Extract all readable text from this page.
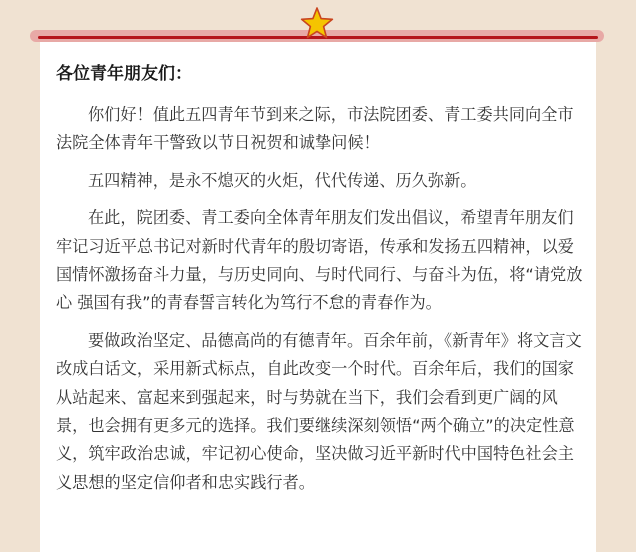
各位青年朋友们：

你们好！值此五四青年节到来之际，市法院团委、青工委共同向全市法院全体青年干警致以节日祝贺和诚挚问候！

五四精神，是永不熄灭的火炬，代代传递、历久弥新。

在此，院团委、青工委向全体青年朋友们发出倡议，希望青年朋友们牢记习近平总书记对新时代青年的殷切寄语，传承和发扬五四精神，以爱国情怀激扬奋斗力量，与历史同向、与时代同行、与奋斗为伍，将“请党放心 强国有我”的青春誓言转化为笃行不怠的青春作为。

要做政治坚定、品德高尚的有德青年。百余年前，《新青年》将文言文改成白话文，采用新式标点，自此改变一个时代。百余年后，我们的国家从站起来、富起来到强起来，时与势就在当下，我们会看到更广阔的风景，也会拥有更多元的选择。我们要继续深刻领悟“两个确立”的决定性意义，筑牢政治忠诚，牢记初心使命，坚决做习近平新时代中国特色社会主义思想的坚定信仰者和忠实践行者。
